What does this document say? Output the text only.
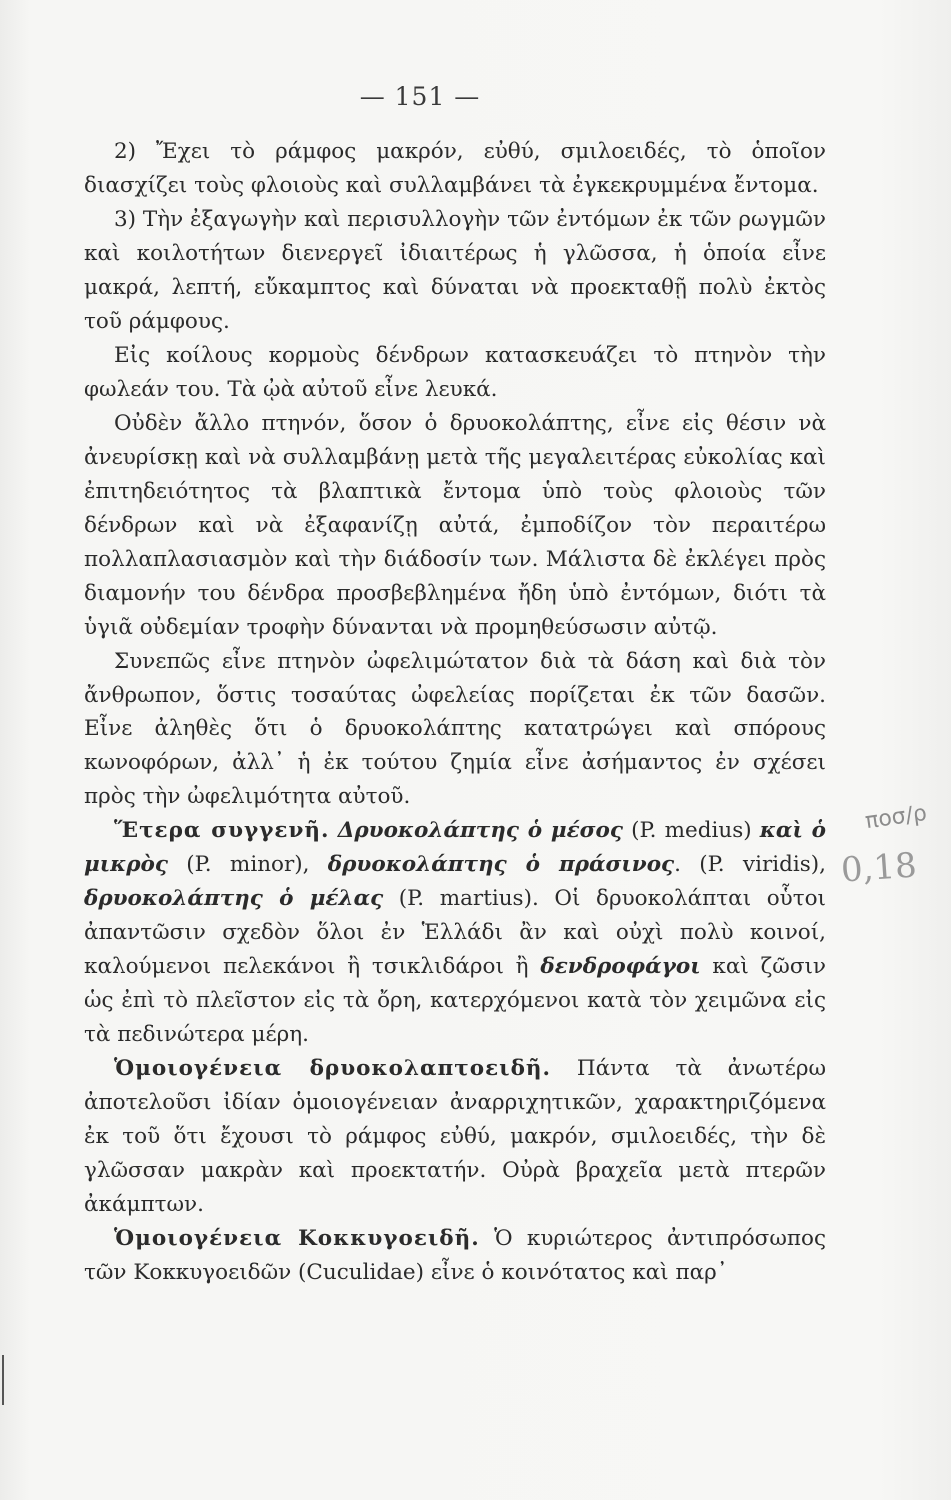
— 151 —

2) Ἔχει τὸ ράμφος μακρόν, εὐθύ, σμιλοειδές, τὸ ὁποῖον διασχίζει τοὺς φλοιοὺς καὶ συλλαμβάνει τὰ ἐγκεκρυμμένα ἔντομα.

3) Τὴν ἐξαγωγὴν καὶ περισυλλογὴν τῶν ἐντόμων ἐκ τῶν ρωγμῶν καὶ κοιλοτήτων διενεργεῖ ἰδιαιτέρως ἡ γλῶσσα, ἡ ὁποία εἶνε μακρά, λεπτή, εὔκαμπτος καὶ δύναται νὰ προεκταθῇ πολὺ ἐκτὸς τοῦ ράμφους.

Εἰς κοίλους κορμοὺς δένδρων κατασκευάζει τὸ πτηνὸν τὴν φωλεάν του. Τὰ ᾠὰ αὐτοῦ εἶνε λευκά.

Οὐδὲν ἄλλο πτηνόν, ὅσον ὁ δρυοκολάπτης, εἶνε εἰς θέσιν νὰ ἀνευρίσκῃ καὶ νὰ συλλαμβάνῃ μετὰ τῆς μεγαλειτέρας εὐκολίας καὶ ἐπιτηδειότητος τὰ βλαπτικὰ ἔντομα ὑπὸ τοὺς φλοιοὺς τῶν δένδρων καὶ νὰ ἐξαφανίζῃ αὐτά, ἐμποδίζον τὸν περαιτέρω πολλαπλασιασμὸν καὶ τὴν διάδοσίν των. Μάλιστα δὲ ἐκλέγει πρὸς διαμονήν του δένδρα προσβεβλημένα ἤδη ὑπὸ ἐντόμων, διότι τὰ ὑγιᾶ οὐδεμίαν τροφὴν δύνανται νὰ προμηθεύσωσιν αὐτῷ.

Συνεπῶς εἶνε πτηνὸν ὠφελιμώτατον διὰ τὰ δάση καὶ διὰ τὸν ἄνθρωπον, ὅστις τοσαύτας ὠφελείας πορίζεται ἐκ τῶν δασῶν. Εἶνε ἀληθὲς ὅτι ὁ δρυοκολάπτης κατατρώγει καὶ σπόρους κωνοφόρων, ἀλλ᾽ ἡ ἐκ τούτου ζημία εἶνε ἀσήμαντος ἐν σχέσει πρὸς τὴν ὠφελιμότητα αὐτοῦ.

Ἕτερα συγγενῆ. Δρυοκολάπτης ὁ μέσος (P. medius) καὶ ὁ μικρὸς (P. minor), δρυοκολάπτης ὁ πράσινος. (P. viridis), δρυοκολάπτης ὁ μέλας (P. martius). Οἱ δρυοκολάπται οὗτοι ἀπαντῶσιν σχεδὸν ὅλοι ἐν Ἑλλάδι ἂν καὶ οὐχὶ πολὺ κοινοί, καλούμενοι πελεκάνοι ἢ τσικλιδάροι ἢ δενδροφάγοι καὶ ζῶσιν ὡς ἐπὶ τὸ πλεῖστον εἰς τὰ ὄρη, κατερχόμενοι κατὰ τὸν χειμῶνα εἰς τὰ πεδινώτερα μέρη.

Ὁμοιογένεια δρυοκολαπτοειδῆ. Πάντα τὰ ἀνωτέρω ἀποτελοῦσι ἰδίαν ὁμοιογένειαν ἀναρριχητικῶν, χαρακτηριζόμενα ἐκ τοῦ ὅτι ἔχουσι τὸ ράμφος εὐθύ, μακρόν, σμιλοειδές, τὴν δὲ γλῶσσαν μακρὰν καὶ προεκτατήν. Οὐρὰ βραχεῖα μετὰ πτερῶν ἀκάμπτων.

Ὁμοιογένεια Κοκκυγοειδῆ. Ὁ κυριώτερος ἀντιπρόσωπος τῶν Κοκκυγοειδῶν (Cuculidae) εἶνε ὁ κοινότατος καὶ παρ᾽

ποσ/ρ
0,18
